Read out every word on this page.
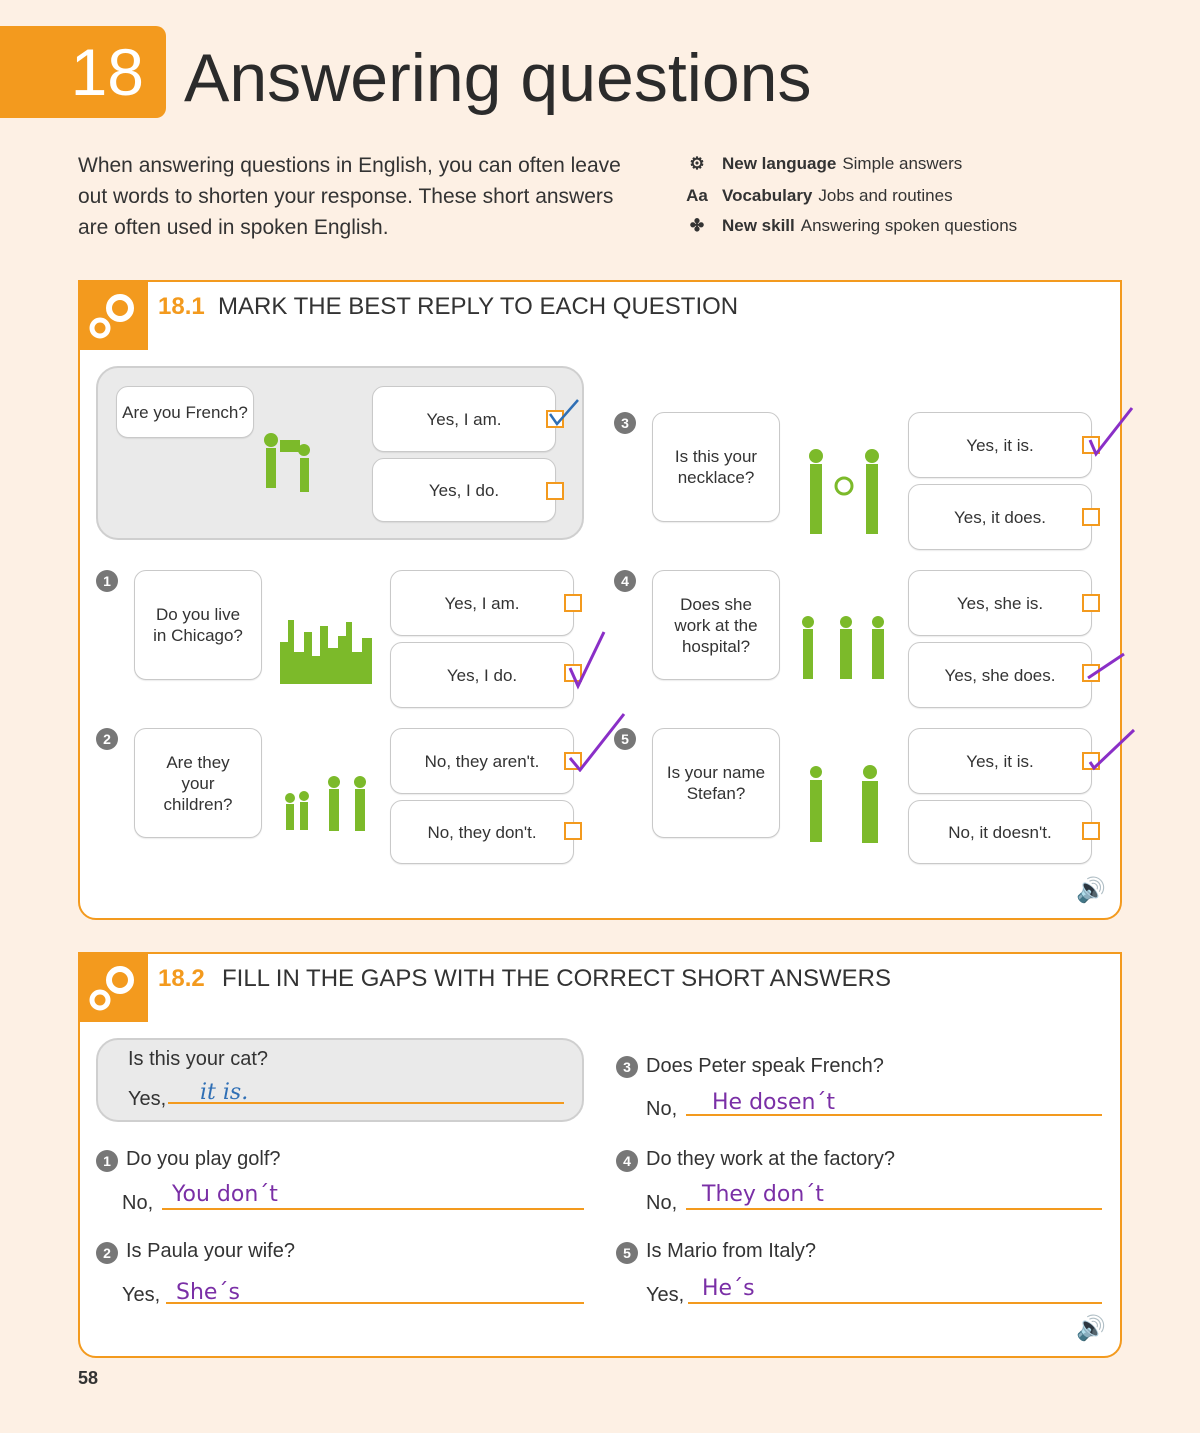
18 Answering questions
When answering questions in English, you can often leave out words to shorten your response. These short answers are often used in spoken English.
⚙ New language Simple answers
Aa Vocabulary Jobs and routines
✤ New skill Answering spoken questions
18.1 MARK THE BEST REPLY TO EACH QUESTION
Are you French?	Yes, I am.
Yes, I do.
1
Do you live in Chicago?
Yes, I am.
Yes, I do.
2
Are they your children?
No, they aren't.
No, they don't.
3
Is this your necklace?
Yes, it is.
Yes, it does.
4
Does she work at the hospital?
Yes, she is.
Yes, she does.
5
Is your name Stefan?
Yes, it is.
No, it doesn't.
🔊
18.2 FILL IN THE GAPS WITH THE CORRECT SHORT ANSWERS
Is this your cat?
Yes, it is.
1 Do you play golf?
No, You don´t
2 Is Paula your wife?
Yes, She´s
3 Does Peter speak French?
No, He dosen´t
4 Do they work at the factory?
No, They don´t
5 Is Mario from Italy?
Yes, He´s
🔊
58
